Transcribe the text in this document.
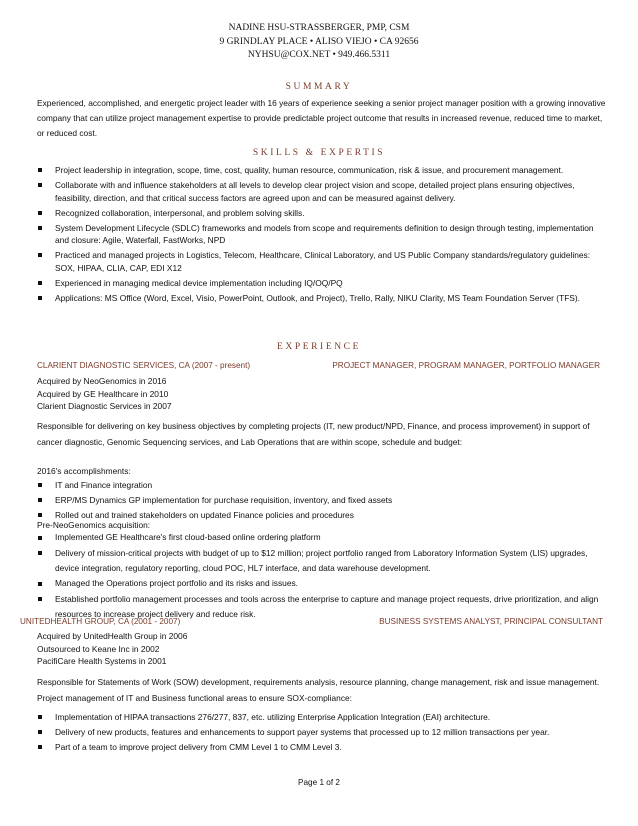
NADINE HSU-STRASSBERGER, PMP, CSM
9 GRINDLAY PLACE • ALISO VIEJO • CA 92656
NYHSU@COX.NET • 949.466.5311
SUMMARY
Experienced, accomplished, and energetic project leader with 16 years of experience seeking a senior project manager position with a growing innovative company that can utilize project management expertise to provide predictable project outcome that results in increased revenue, reduced time to market, or reduced cost.
SKILLS & EXPERTIS
Project leadership in integration, scope, time, cost, quality, human resource, communication, risk & issue, and procurement management.
Collaborate with and influence stakeholders at all levels to develop clear project vision and scope, detailed project plans ensuring objectives, feasibility, direction, and that critical success factors are agreed upon and can be measured against delivery.
Recognized collaboration, interpersonal, and problem solving skills.
System Development Lifecycle (SDLC) frameworks and models from scope and requirements definition to design through testing, implementation and closure: Agile, Waterfall, FastWorks, NPD
Practiced and managed projects in Logistics, Telecom, Healthcare, Clinical Laboratory, and US Public Company standards/regulatory guidelines: SOX, HIPAA, CLIA, CAP, EDI X12
Experienced in managing medical device implementation including IQ/OQ/PQ
Applications: MS Office (Word, Excel, Visio, PowerPoint, Outlook, and Project), Trello, Rally, NIKU Clarity, MS Team Foundation Server (TFS).
EXPERIENCE
CLARIENT DIAGNOSTIC SERVICES, CA (2007 - present)	PROJECT MANAGER, PROGRAM MANAGER, PORTFOLIO MANAGER
Acquired by NeoGenomics in 2016
Acquired by GE Healthcare in 2010
Clarient Diagnostic Services in 2007
Responsible for delivering on key business objectives by completing projects (IT, new product/NPD, Finance, and process improvement) in support of cancer diagnostic, Genomic Sequencing services, and Lab Operations that are within scope, schedule and budget:
2016's accomplishments:
IT and Finance integration
ERP/MS Dynamics GP implementation for purchase requisition, inventory, and fixed assets
Rolled out and trained stakeholders on updated Finance policies and procedures
Pre-NeoGenomics acquisition:
Implemented GE Healthcare's first cloud-based online ordering platform
Delivery of mission-critical projects with budget of up to $12 million; project portfolio ranged from Laboratory Information System (LIS) upgrades, device integration, regulatory reporting, cloud POC, HL7 interface, and data warehouse development.
Managed the Operations project portfolio and its risks and issues.
Established portfolio management processes and tools across the enterprise to capture and manage project requests, drive prioritization, and align resources to increase project delivery and reduce risk.
UNITEDHEALTH GROUP, CA (2001 - 2007)	BUSINESS SYSTEMS ANALYST, PRINCIPAL CONSULTANT
Acquired by UnitedHealth Group in 2006
Outsourced to Keane Inc in 2002
PacifiCare Health Systems in 2001
Responsible for Statements of Work (SOW) development, requirements analysis, resource planning, change management, risk and issue management. Project management of IT and Business functional areas to ensure SOX-compliance:
Implementation of HIPAA transactions 276/277, 837, etc. utilizing Enterprise Application Integration (EAI) architecture.
Delivery of new products, features and enhancements to support payer systems that processed up to 12 million transactions per year.
Part of a team to improve project delivery from CMM Level 1 to CMM Level 3.
Page 1 of 2
